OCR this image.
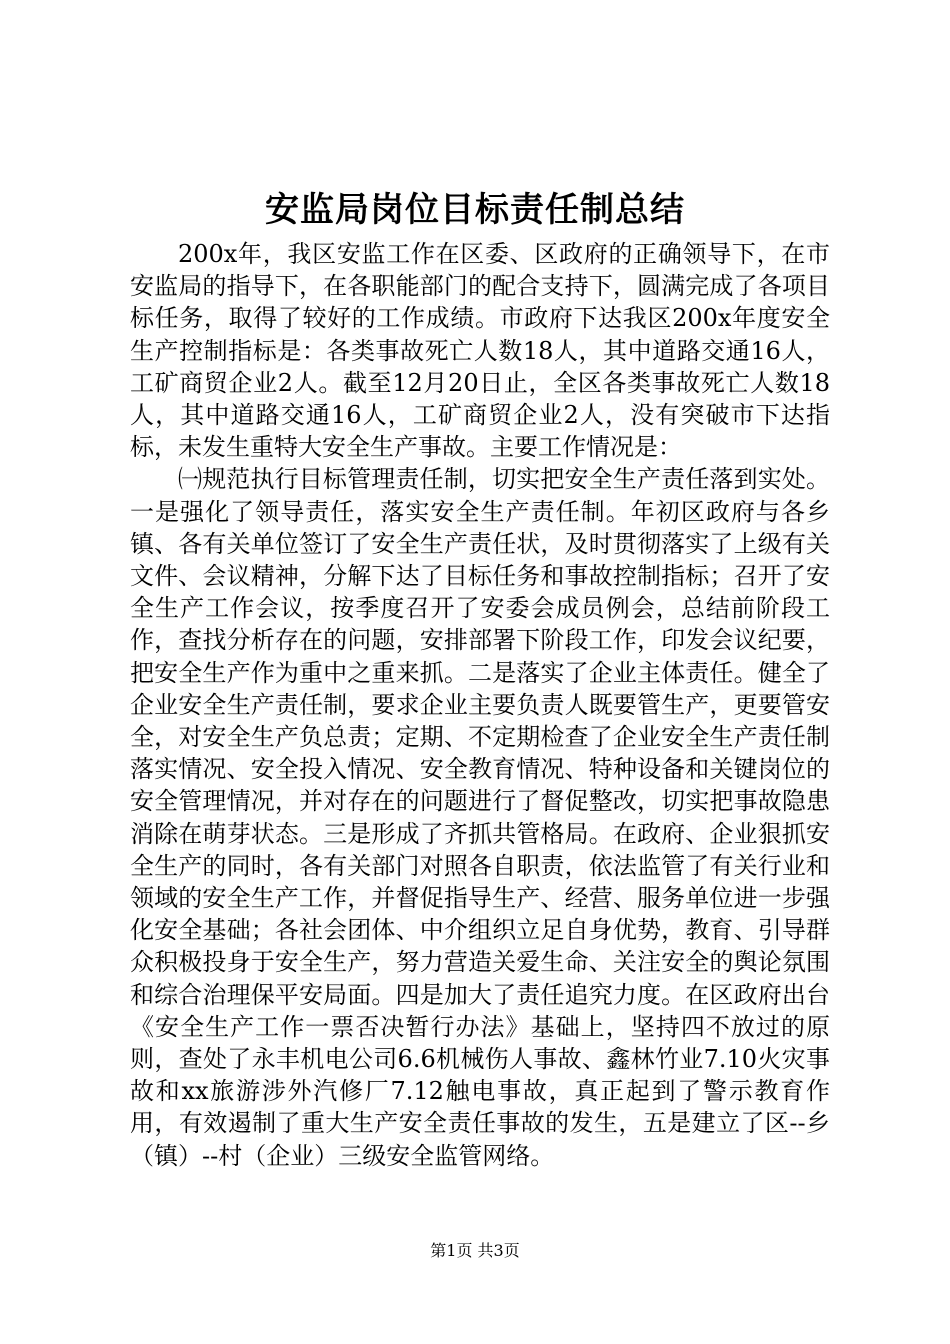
安监局岗位目标责任制总结

200x年，我区安监工作在区委、区政府的正确领导下，在市安监局的指导下，在各职能部门的配合支持下，圆满完成了各项目标任务，取得了较好的工作成绩。市政府下达我区200x年度安全生产控制指标是：各类事故死亡人数18人，其中道路交通16人，工矿商贸企业2人。截至12月20日止，全区各类事故死亡人数18人，其中道路交通16人，工矿商贸企业2人，没有突破市下达指标，未发生重特大安全生产事故。主要工作情况是：

㈠规范执行目标管理责任制，切实把安全生产责任落到实处。一是强化了领导责任，落实安全生产责任制。年初区政府与各乡镇、各有关单位签订了安全生产责任状，及时贯彻落实了上级有关文件、会议精神，分解下达了目标任务和事故控制指标；召开了安全生产工作会议，按季度召开了安委会成员例会，总结前阶段工作，查找分析存在的问题，安排部署下阶段工作，印发会议纪要，把安全生产作为重中之重来抓。二是落实了企业主体责任。健全了企业安全生产责任制，要求企业主要负责人既要管生产，更要管安全，对安全生产负总责；定期、不定期检查了企业安全生产责任制落实情况、安全投入情况、安全教育情况、特种设备和关键岗位的安全管理情况，并对存在的问题进行了督促整改，切实把事故隐患消除在萌芽状态。三是形成了齐抓共管格局。在政府、企业狠抓安全生产的同时，各有关部门对照各自职责，依法监管了有关行业和领域的安全生产工作，并督促指导生产、经营、服务单位进一步强化安全基础；各社会团体、中介组织立足自身优势，教育、引导群众积极投身于安全生产，努力营造关爱生命、关注安全的舆论氛围和综合治理保平安局面。四是加大了责任追究力度。在区政府出台《安全生产工作一票否决暂行办法》基础上，坚持四不放过的原则，查处了永丰机电公司6.6机械伤人事故、鑫林竹业7.10火灾事故和xx旅游涉外汽修厂7.12触电事故，真正起到了警示教育作用，有效遏制了重大生产安全责任事故的发生，五是建立了区--乡（镇）--村（企业）三级安全监管网络。

第1页 共3页
